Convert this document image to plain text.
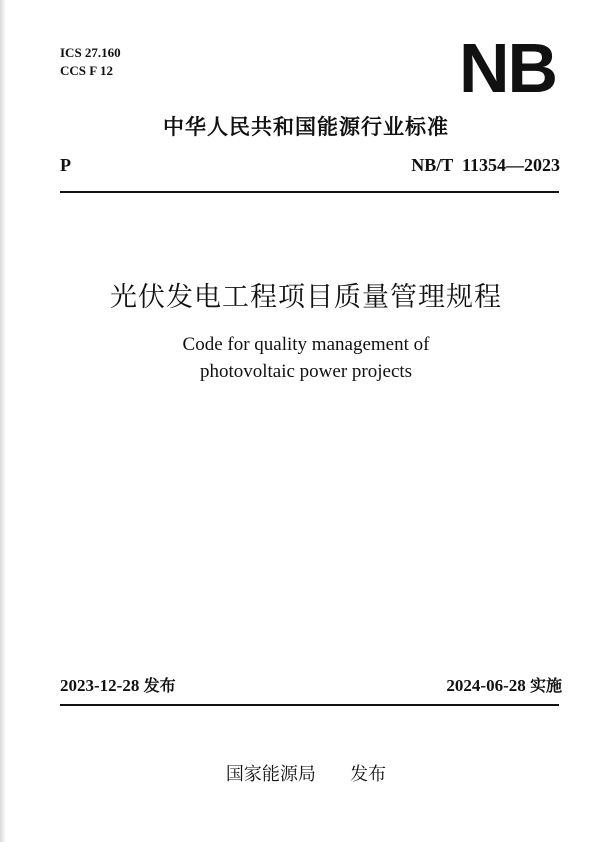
ICS 27.160
CCS F 12	NB
中华人民共和国能源行业标准
P	NB/T  11354—2023
光伏发电工程项目质量管理规程
Code for quality management of
photovoltaic power projects
2023-12-28 发布	2024-06-28 实施
国家能源局 发布
